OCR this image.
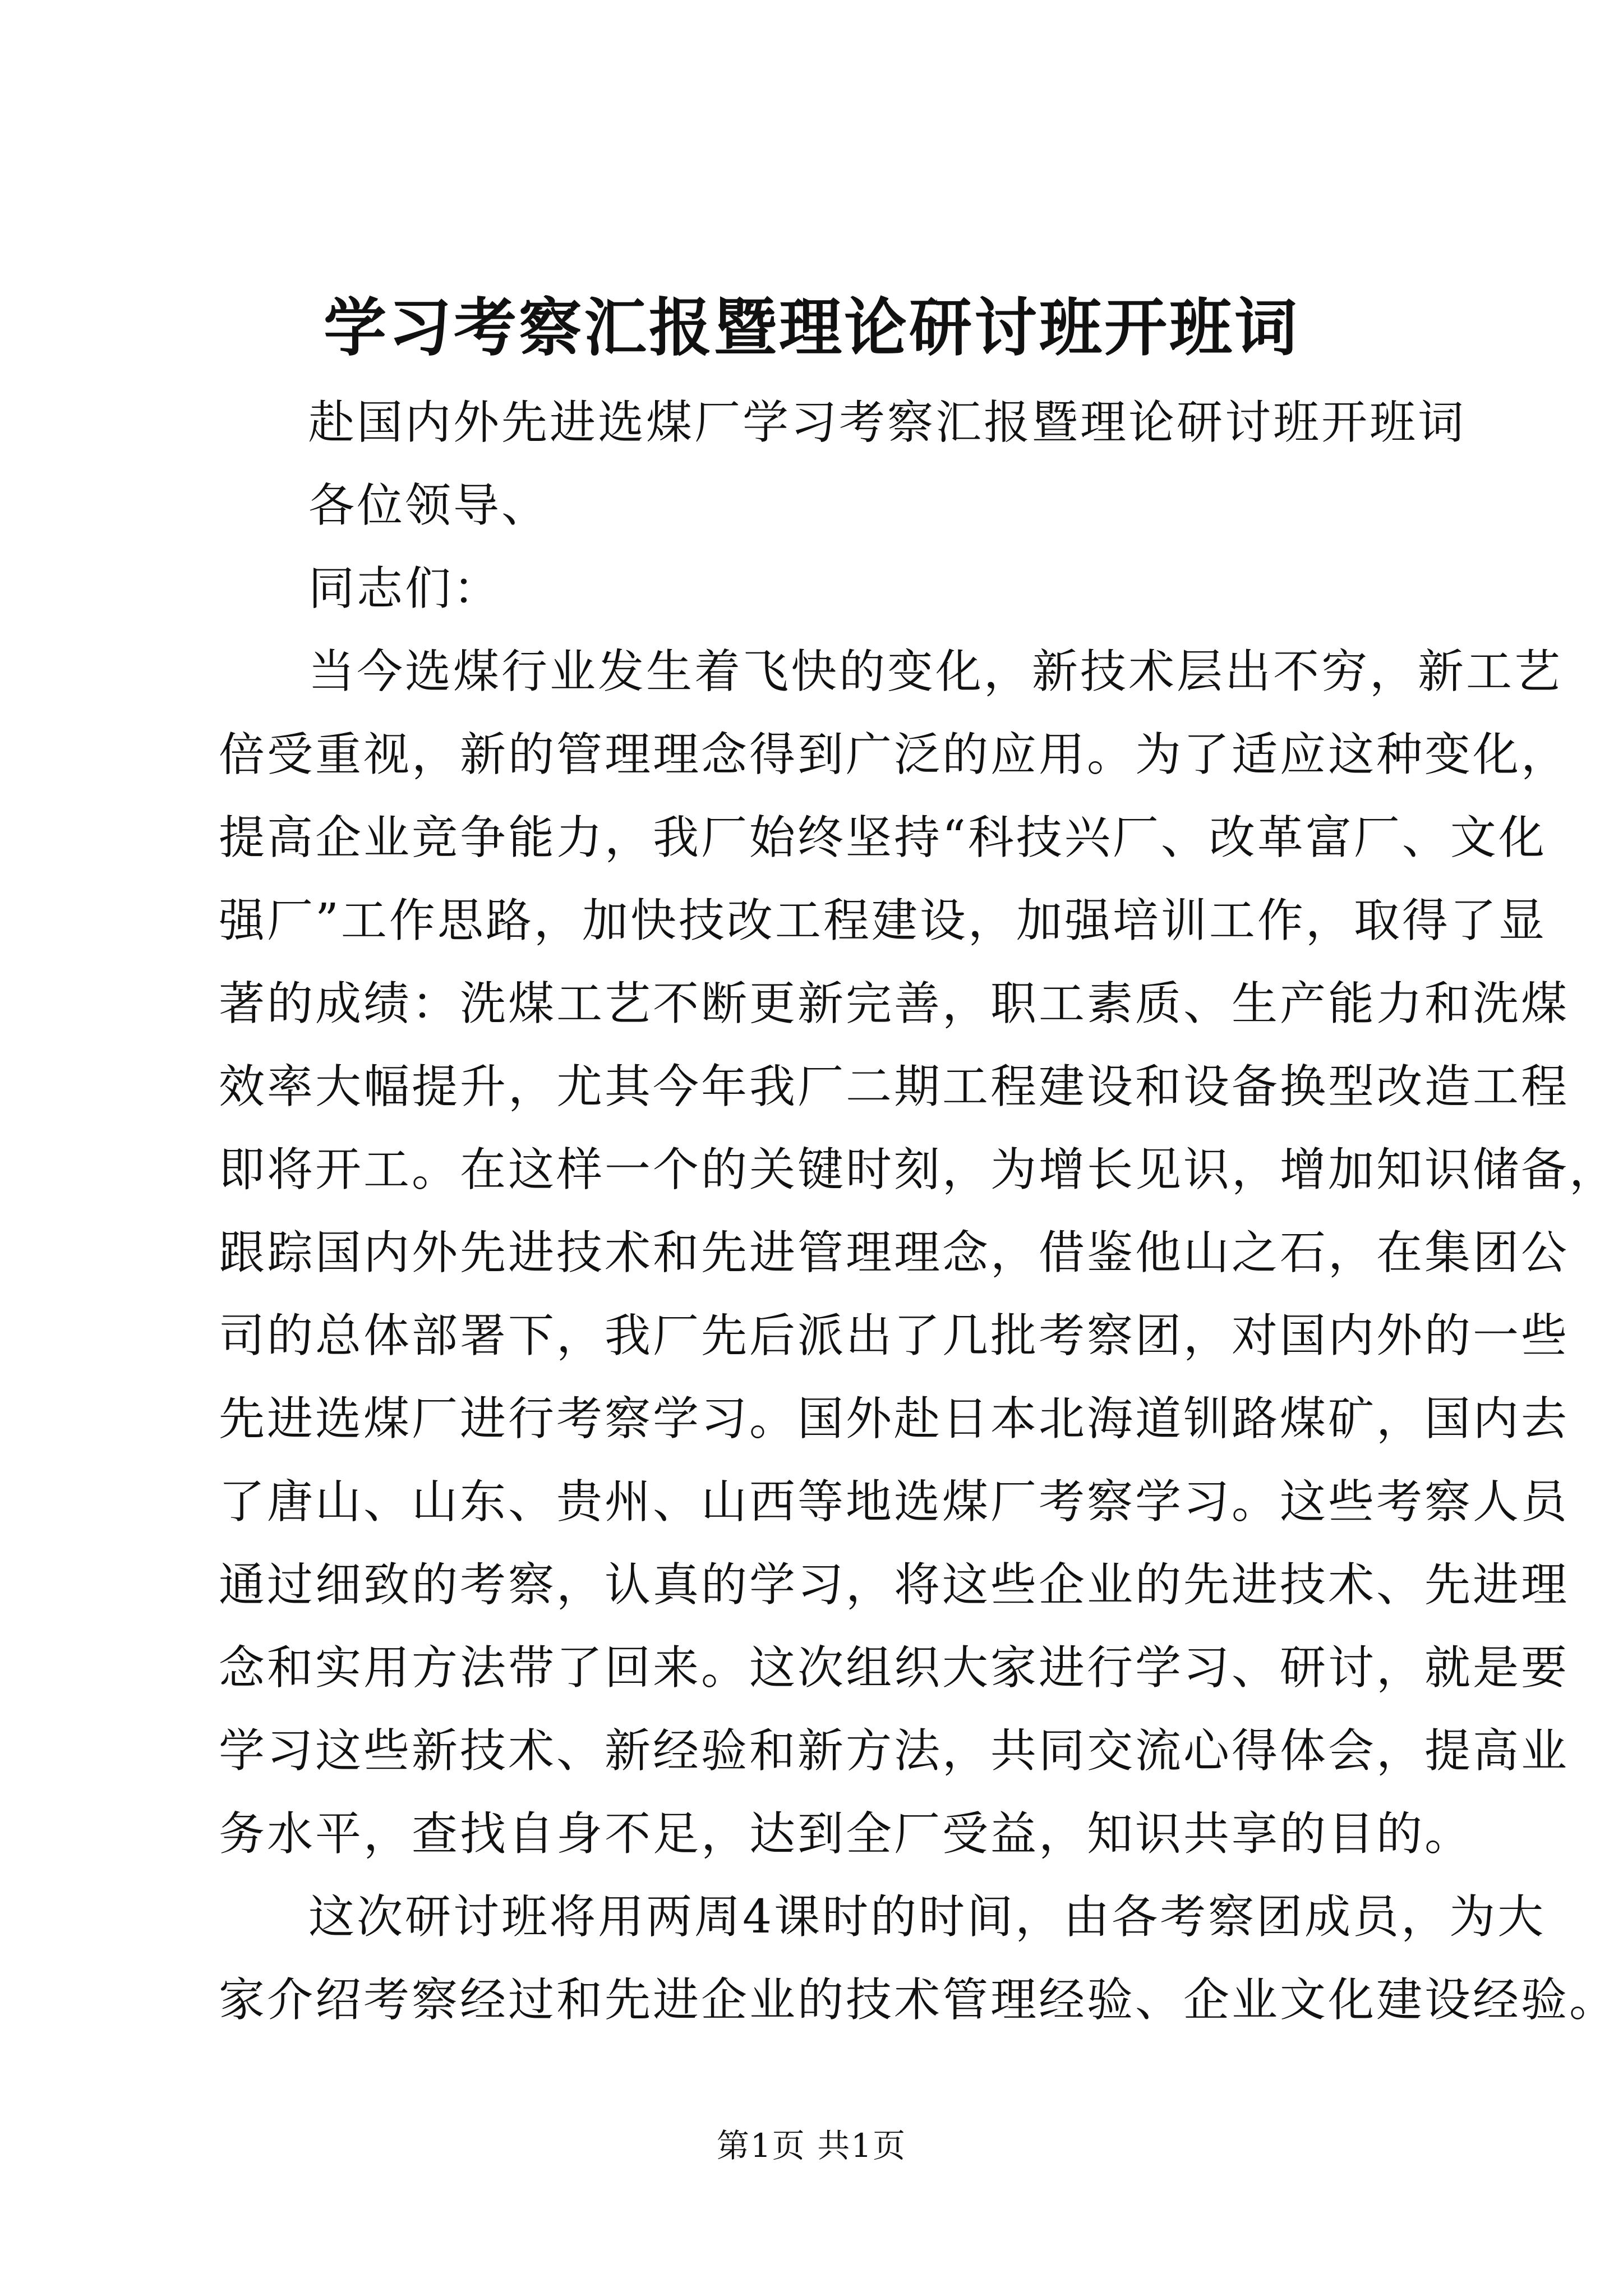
学习考察汇报暨理论研讨班开班词
赴国内外先进选煤厂学习考察汇报暨理论研讨班开班词
各位领导、
同志们：
当今选煤行业发生着飞快的变化，新技术层出不穷，新工艺
倍受重视，新的管理理念得到广泛的应用。为了适应这种变化，
提高企业竞争能力，我厂始终坚持“科技兴厂、改革富厂、文化
强厂”工作思路，加快技改工程建设，加强培训工作，取得了显
著的成绩：洗煤工艺不断更新完善，职工素质、生产能力和洗煤
效率大幅提升，尤其今年我厂二期工程建设和设备换型改造工程
即将开工。在这样一个的关键时刻，为增长见识，增加知识储备，
跟踪国内外先进技术和先进管理理念，借鉴他山之石，在集团公
司的总体部署下，我厂先后派出了几批考察团，对国内外的一些
先进选煤厂进行考察学习。国外赴日本北海道钏路煤矿，国内去
了唐山、山东、贵州、山西等地选煤厂考察学习。这些考察人员
通过细致的考察，认真的学习，将这些企业的先进技术、先进理
念和实用方法带了回来。这次组织大家进行学习、研讨，就是要
学习这些新技术、新经验和新方法，共同交流心得体会，提高业
务水平，查找自身不足，达到全厂受益，知识共享的目的。
这次研讨班将用两周4课时的时间，由各考察团成员，为大
家介绍考察经过和先进企业的技术管理经验、企业文化建设经验。
第1页 共1页
